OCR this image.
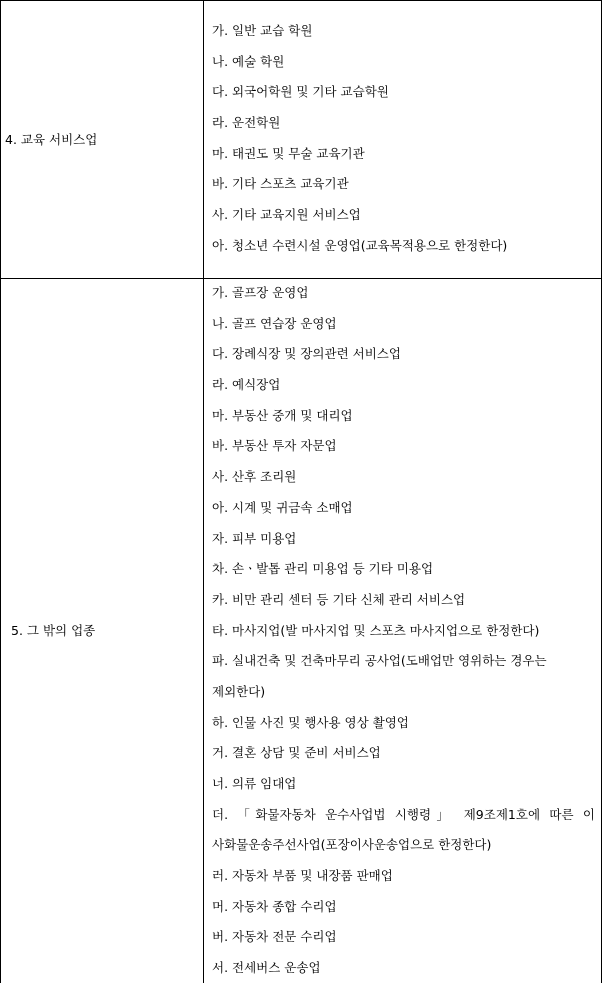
4. 교육 서비스업
가. 일반 교습 학원
나. 예술 학원
다. 외국어학원 및 기타 교습학원
라. 운전학원
마. 태권도 및 무술 교육기관
바. 기타 스포츠 교육기관
사. 기타 교육지원 서비스업
아. 청소년 수련시설 운영업(교육목적용으로 한정한다)
5. 그 밖의 업종
가. 골프장 운영업
나. 골프 연습장 운영업
다. 장례식장 및 장의관련 서비스업
라. 예식장업
마. 부동산 중개 및 대리업
바. 부동산 투자 자문업
사. 산후 조리원
아. 시계 및 귀금속 소매업
자. 피부 미용업
차. 손ㆍ발톱 관리 미용업 등 기타 미용업
카. 비만 관리 센터 등 기타 신체 관리 서비스업
타. 마사지업(발 마사지업 및 스포츠 마사지업으로 한정한다)
파. 실내건축 및 건축마무리 공사업(도배업만 영위하는 경우는
제외한다)
하. 인물 사진 및 행사용 영상 촬영업
거. 결혼 상담 및 준비 서비스업
너. 의류 임대업
더. 「화물자동차 운수사업법 시행령」 제9조제1호에 따른 이
사화물운송주선사업(포장이사운송업으로 한정한다)
러. 자동차 부품 및 내장품 판매업
머. 자동차 종합 수리업
버. 자동차 전문 수리업
서. 전세버스 운송업
